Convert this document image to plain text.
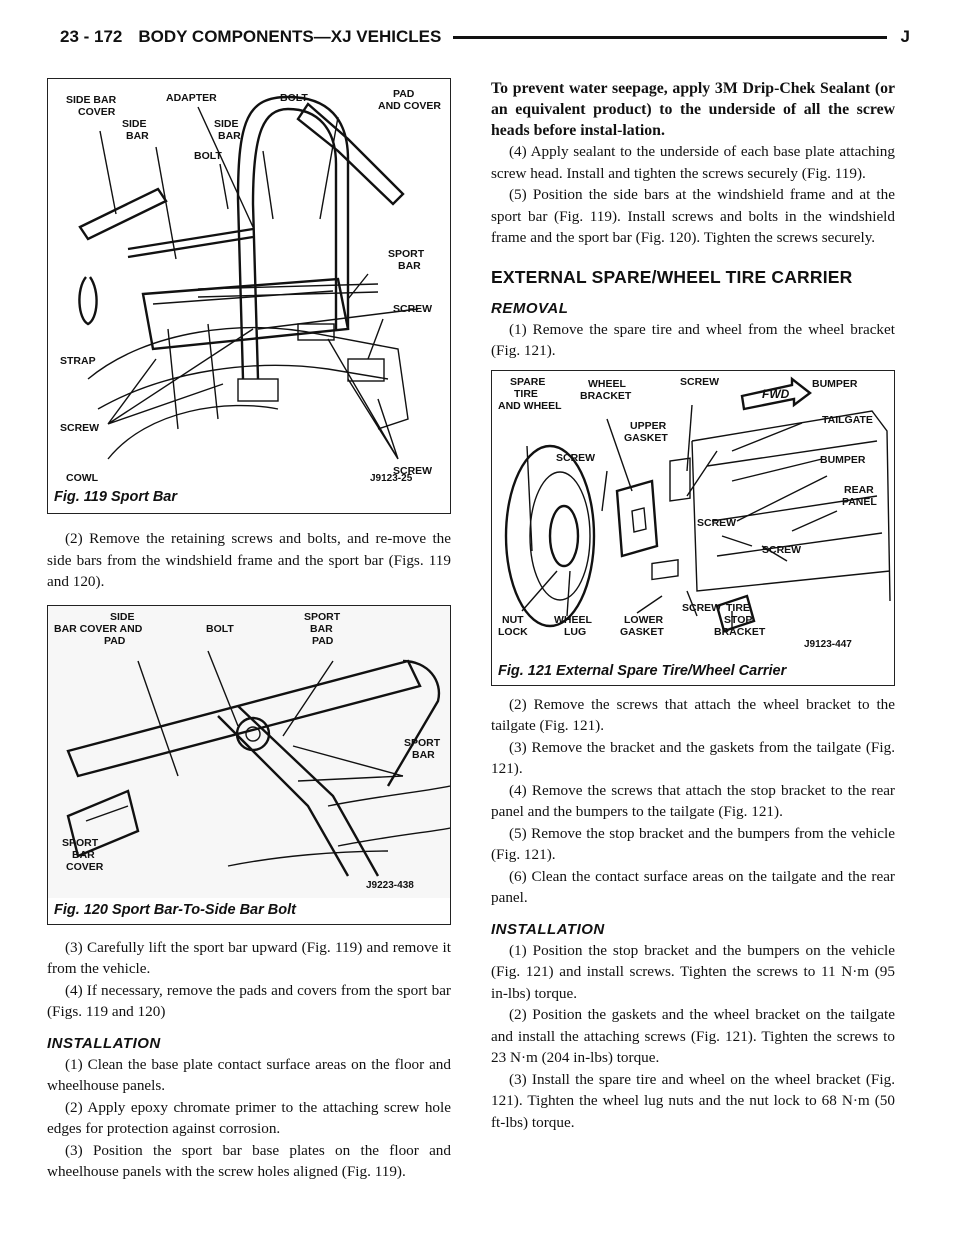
23 - 172 BODY COMPONENTS—XJ VEHICLES	J
SIDE BAR COVER
SIDE BAR
ADAPTER
BOLT
SIDE BAR
BOLT	PAD AND COVER
SPORT BAR
SCREW
STRAP
SCREW
SCREW
COWL	J9123-25
Fig. 119 Sport Bar

(2) Remove the retaining screws and bolts, and re-move the side bars from the windshield frame and the sport bar (Figs. 119 and 120).

SIDE BAR COVER AND PAD
BOLT
SPORT BAR PAD
SPORT BAR
SPORT BAR COVER
J9223-438
Fig. 120 Sport Bar-To-Side Bar Bolt

(3) Carefully lift the sport bar upward (Fig. 119) and remove it from the vehicle.

(4) If necessary, remove the pads and covers from the sport bar (Figs. 119 and 120)

INSTALLATION

(1) Clean the base plate contact surface areas on the floor and wheelhouse panels.

(2) Apply epoxy chromate primer to the attaching screw hole edges for protection against corrosion.

(3) Position the sport bar base plates on the floor and wheelhouse panels with the screw holes aligned (Fig. 119).

To prevent water seepage, apply 3M Drip-Chek Sealant (or an equivalent product) to the underside of all the screw heads before instal-lation.

(4) Apply sealant to the underside of each base plate attaching screw head. Install and tighten the screws securely (Fig. 119).

(5) Position the side bars at the windshield frame and at the sport bar (Fig. 119). Install screws and bolts in the windshield frame and the sport bar (Fig. 120). Tighten the screws securely.

EXTERNAL SPARE/WHEEL TIRE CARRIER
REMOVAL

(1) Remove the spare tire and wheel from the wheel bracket (Fig. 121).

SPARE TIRE AND WHEEL
WHEEL BRACKET
SCREW
FWD
BUMPER
TAILGATE
UPPER GASKET
SCREW	BUMPER
REAR PANEL
SCREW
SCREW
SCREW
NUT LOCK
WHEEL LUG
LOWER GASKET
TIRE STOP BRACKET
J9123-447
Fig. 121 External Spare Tire/Wheel Carrier

(2) Remove the screws that attach the wheel bracket to the tailgate (Fig. 121).

(3) Remove the bracket and the gaskets from the tailgate (Fig. 121).

(4) Remove the screws that attach the stop bracket to the rear panel and the bumpers to the tailgate (Fig. 121).

(5) Remove the stop bracket and the bumpers from the vehicle (Fig. 121).

(6) Clean the contact surface areas on the tailgate and the rear panel.

INSTALLATION

(1) Position the stop bracket and the bumpers on the vehicle (Fig. 121) and install screws. Tighten the screws to 11 N·m (95 in-lbs) torque.

(2) Position the gaskets and the wheel bracket on the tailgate and install the attaching screws (Fig. 121). Tighten the screws to 23 N·m (204 in-lbs) torque.

(3) Install the spare tire and wheel on the wheel bracket (Fig. 121). Tighten the wheel lug nuts and the nut lock to 68 N·m (50 ft-lbs) torque.
